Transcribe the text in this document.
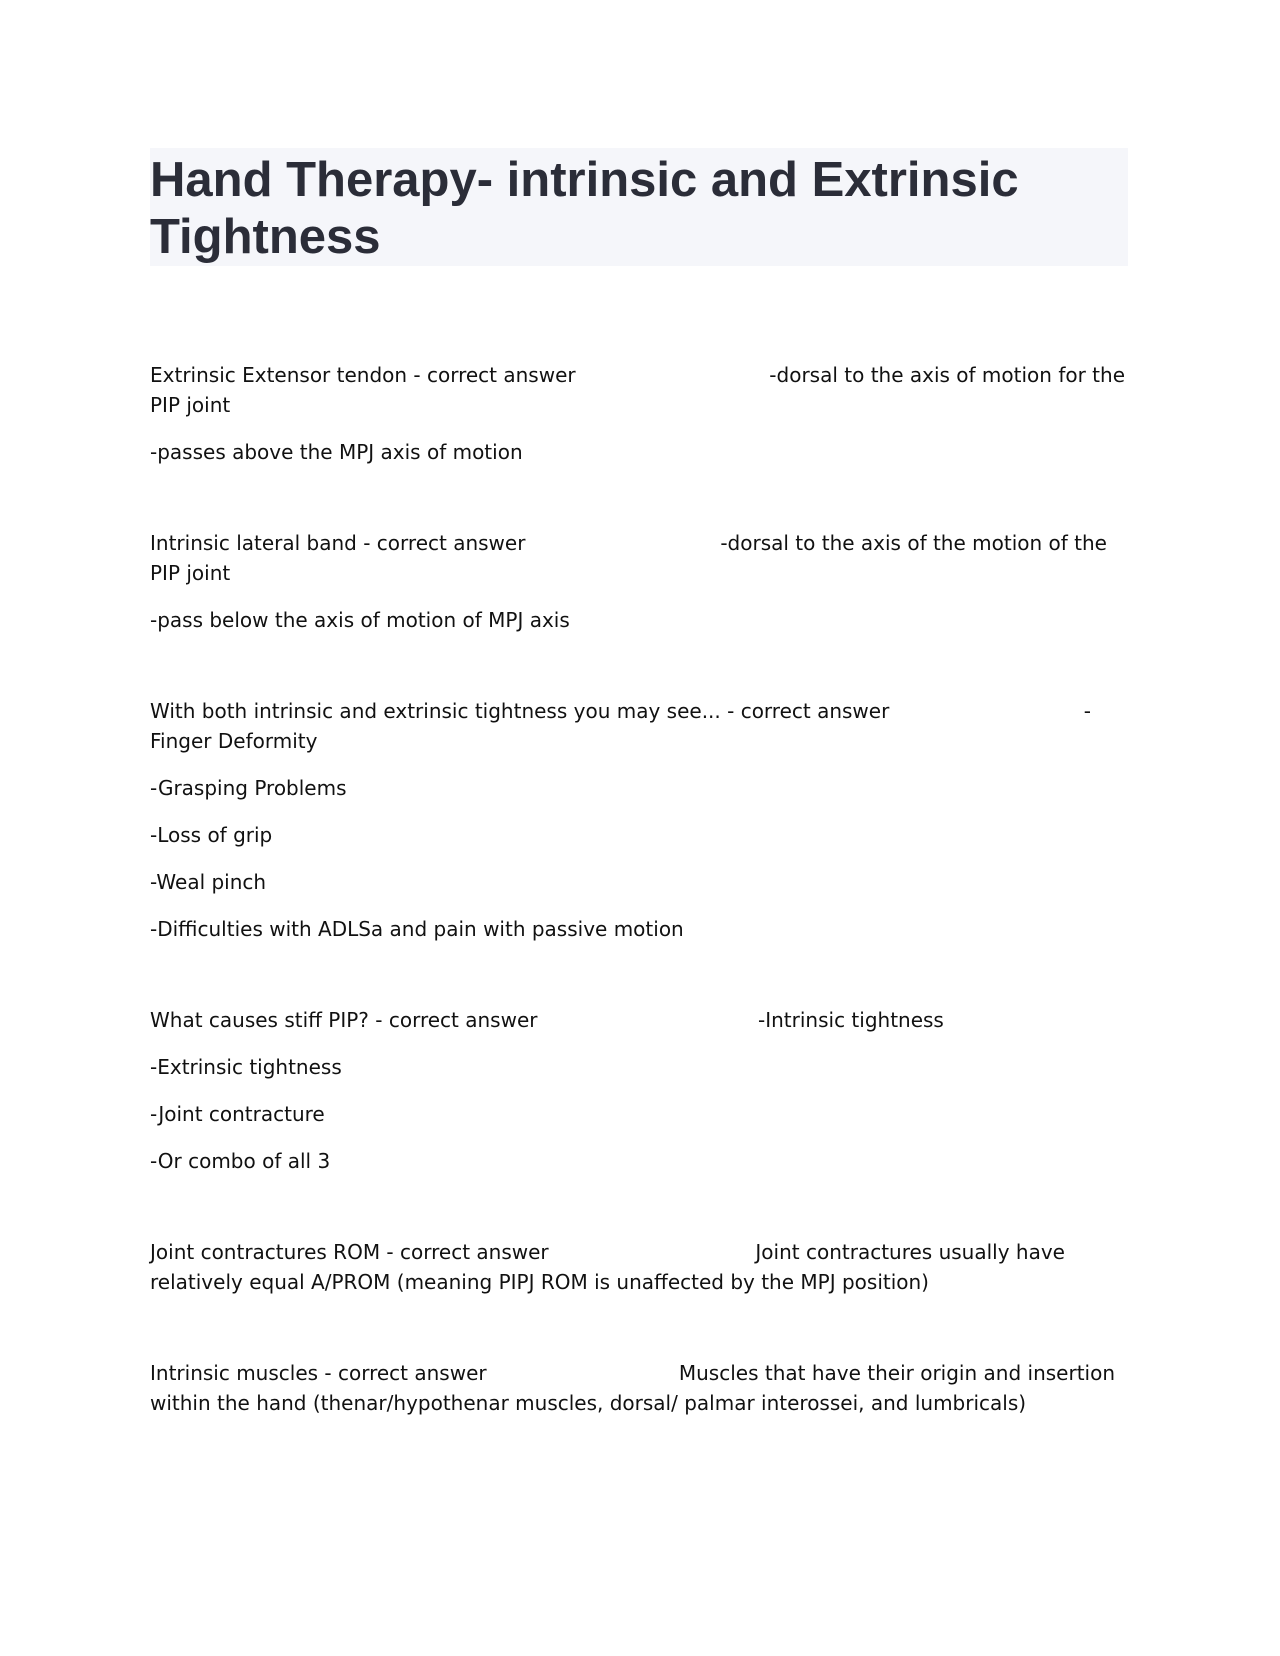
Hand Therapy- intrinsic and Extrinsic Tightness
Extrinsic Extensor tendon - correct answer	-dorsal to the axis of motion for the
PIP joint
-passes above the MPJ axis of motion
Intrinsic lateral band - correct answer	-dorsal to the axis of the motion of the
PIP joint
-pass below the axis of motion of MPJ axis
With both intrinsic and extrinsic tightness you may see... - correct answer	-
Finger Deformity
-Grasping Problems
-Loss of grip
-Weal pinch
-Difficulties with ADLSa and pain with passive motion
What causes stiff PIP? - correct answer	-Intrinsic tightness
-Extrinsic tightness
-Joint contracture
-Or combo of all 3
Joint contractures ROM - correct answer	Joint contractures usually have
relatively equal A/PROM (meaning PIPJ ROM is unaffected by the MPJ position)
Intrinsic muscles - correct answer	Muscles that have their origin and insertion
within the hand (thenar/hypothenar muscles, dorsal/ palmar interossei, and lumbricals)
